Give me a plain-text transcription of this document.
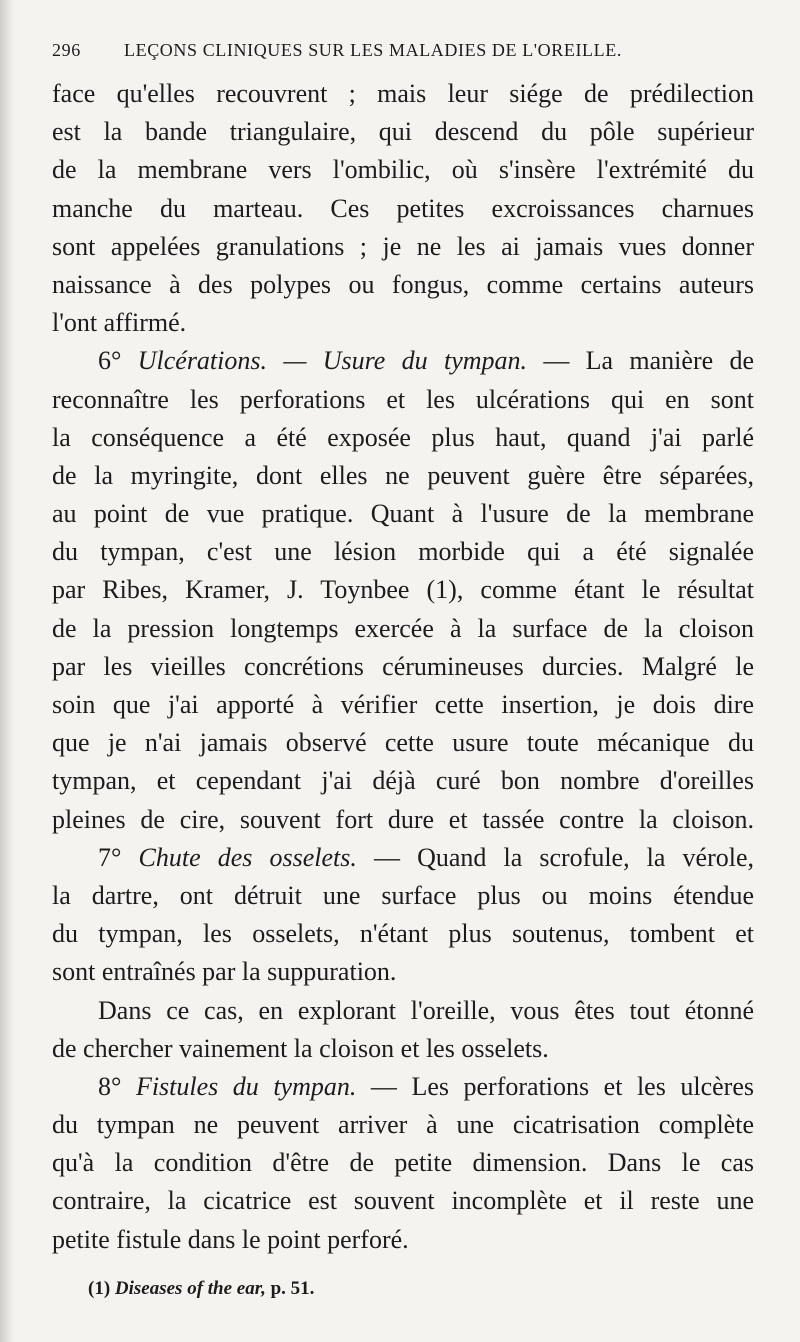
296 LEÇONS CLINIQUES SUR LES MALADIES DE L'OREILLE.
face qu'elles recouvrent ; mais leur siége de prédilection
est la bande triangulaire, qui descend du pôle supérieur
de la membrane vers l'ombilic, où s'insère l'extrémité du
manche du marteau. Ces petites excroissances charnues
sont appelées granulations ; je ne les ai jamais vues donner
naissance à des polypes ou fongus, comme certains auteurs
l'ont affirmé.
6° Ulcérations. — Usure du tympan. — La manière de
reconnaître les perforations et les ulcérations qui en sont
la conséquence a été exposée plus haut, quand j'ai parlé
de la myringite, dont elles ne peuvent guère être séparées,
au point de vue pratique. Quant à l'usure de la membrane
du tympan, c'est une lésion morbide qui a été signalée
par Ribes, Kramer, J. Toynbee (1), comme étant le résultat
de la pression longtemps exercée à la surface de la cloison
par les vieilles concrétions cérumineuses durcies. Malgré le
soin que j'ai apporté à vérifier cette insertion, je dois dire
que je n'ai jamais observé cette usure toute mécanique du
tympan, et cependant j'ai déjà curé bon nombre d'oreilles
pleines de cire, souvent fort dure et tassée contre la cloison.
7° Chute des osselets. — Quand la scrofule, la vérole,
la dartre, ont détruit une surface plus ou moins étendue
du tympan, les osselets, n'étant plus soutenus, tombent et
sont entraînés par la suppuration.
Dans ce cas, en explorant l'oreille, vous êtes tout étonné
de chercher vainement la cloison et les osselets.
8° Fistules du tympan. — Les perforations et les ulcères
du tympan ne peuvent arriver à une cicatrisation complète
qu'à la condition d'être de petite dimension. Dans le cas
contraire, la cicatrice est souvent incomplète et il reste une
petite fistule dans le point perforé.
(1) Diseases of the ear, p. 51.
